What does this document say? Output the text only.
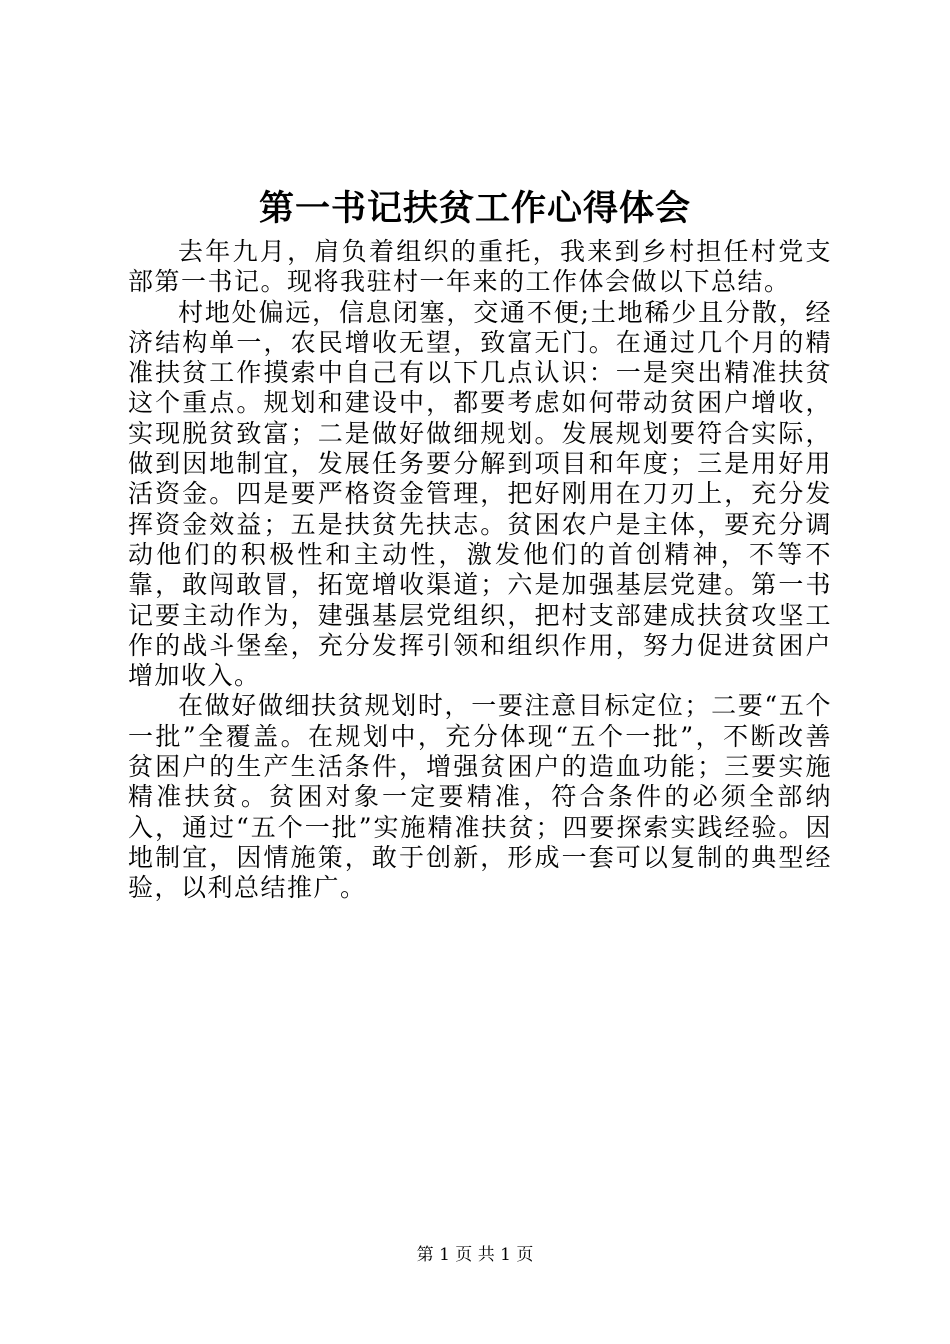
第一书记扶贫工作心得体会

去年九月，肩负着组织的重托，我来到乡村担任村党支部第一书记。现将我驻村一年来的工作体会做以下总结。

村地处偏远，信息闭塞，交通不便;土地稀少且分散，经济结构单一，农民增收无望，致富无门。在通过几个月的精准扶贫工作摸索中自己有以下几点认识：一是突出精准扶贫这个重点。规划和建设中，都要考虑如何带动贫困户增收，实现脱贫致富；二是做好做细规划。发展规划要符合实际，做到因地制宜，发展任务要分解到项目和年度；三是用好用活资金。四是要严格资金管理，把好刚用在刀刃上，充分发挥资金效益；五是扶贫先扶志。贫困农户是主体，要充分调动他们的积极性和主动性，激发他们的首创精神，不等不靠，敢闯敢冒，拓宽增收渠道；六是加强基层党建。第一书记要主动作为，建强基层党组织，把村支部建成扶贫攻坚工作的战斗堡垒，充分发挥引领和组织作用，努力促进贫困户增加收入。

在做好做细扶贫规划时，一要注意目标定位；二要“五个一批”全覆盖。在规划中，充分体现“五个一批”，不断改善贫困户的生产生活条件，增强贫困户的造血功能；三要实施精准扶贫。贫困对象一定要精准，符合条件的必须全部纳入，通过“五个一批”实施精准扶贫；四要探索实践经验。因地制宜，因情施策，敢于创新，形成一套可以复制的典型经验，以利总结推广。

第 1 页 共 1 页
